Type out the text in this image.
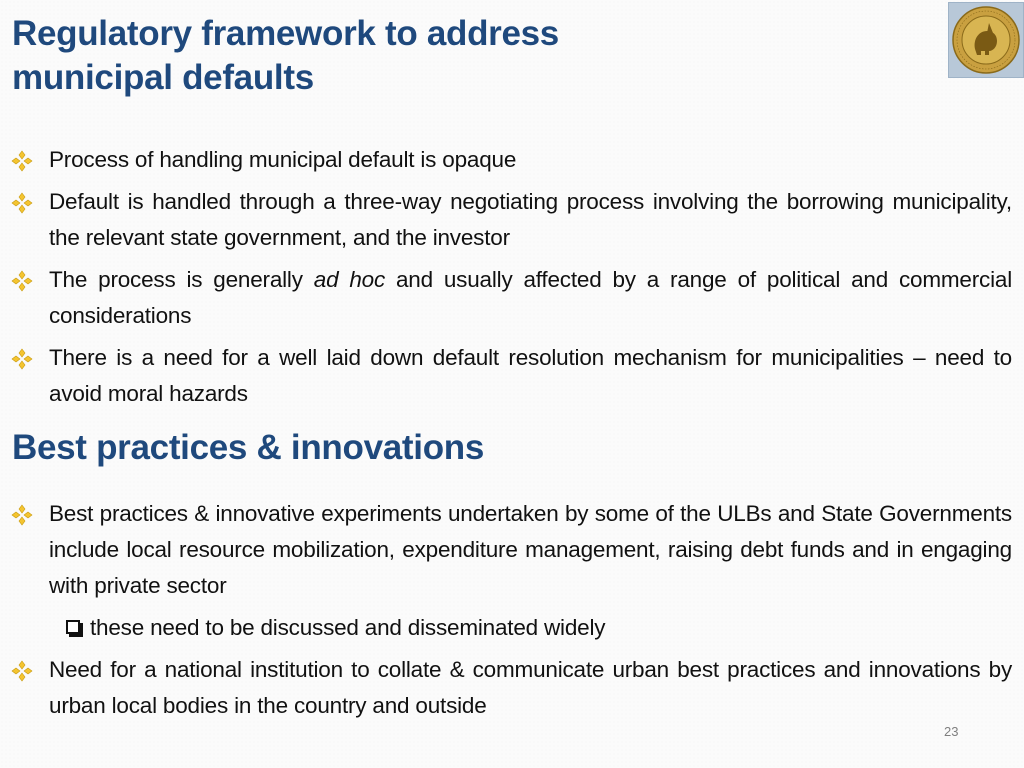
Regulatory framework to address
municipal defaults
Process of handling municipal default is opaque
Default is handled through a three-way negotiating process involving the borrowing municipality, the relevant state government, and the investor
The process is generally ad hoc and usually affected by a range of political and commercial considerations
There is a need for a well laid down default resolution mechanism for municipalities – need to avoid moral hazards
Best practices & innovations
Best practices & innovative experiments undertaken by some of the ULBs and State Governments include local resource mobilization, expenditure management, raising debt funds and in engaging with private sector
these need to be discussed and disseminated widely
Need for a national institution to collate & communicate urban best practices and innovations by urban local bodies in the country and outside
23
